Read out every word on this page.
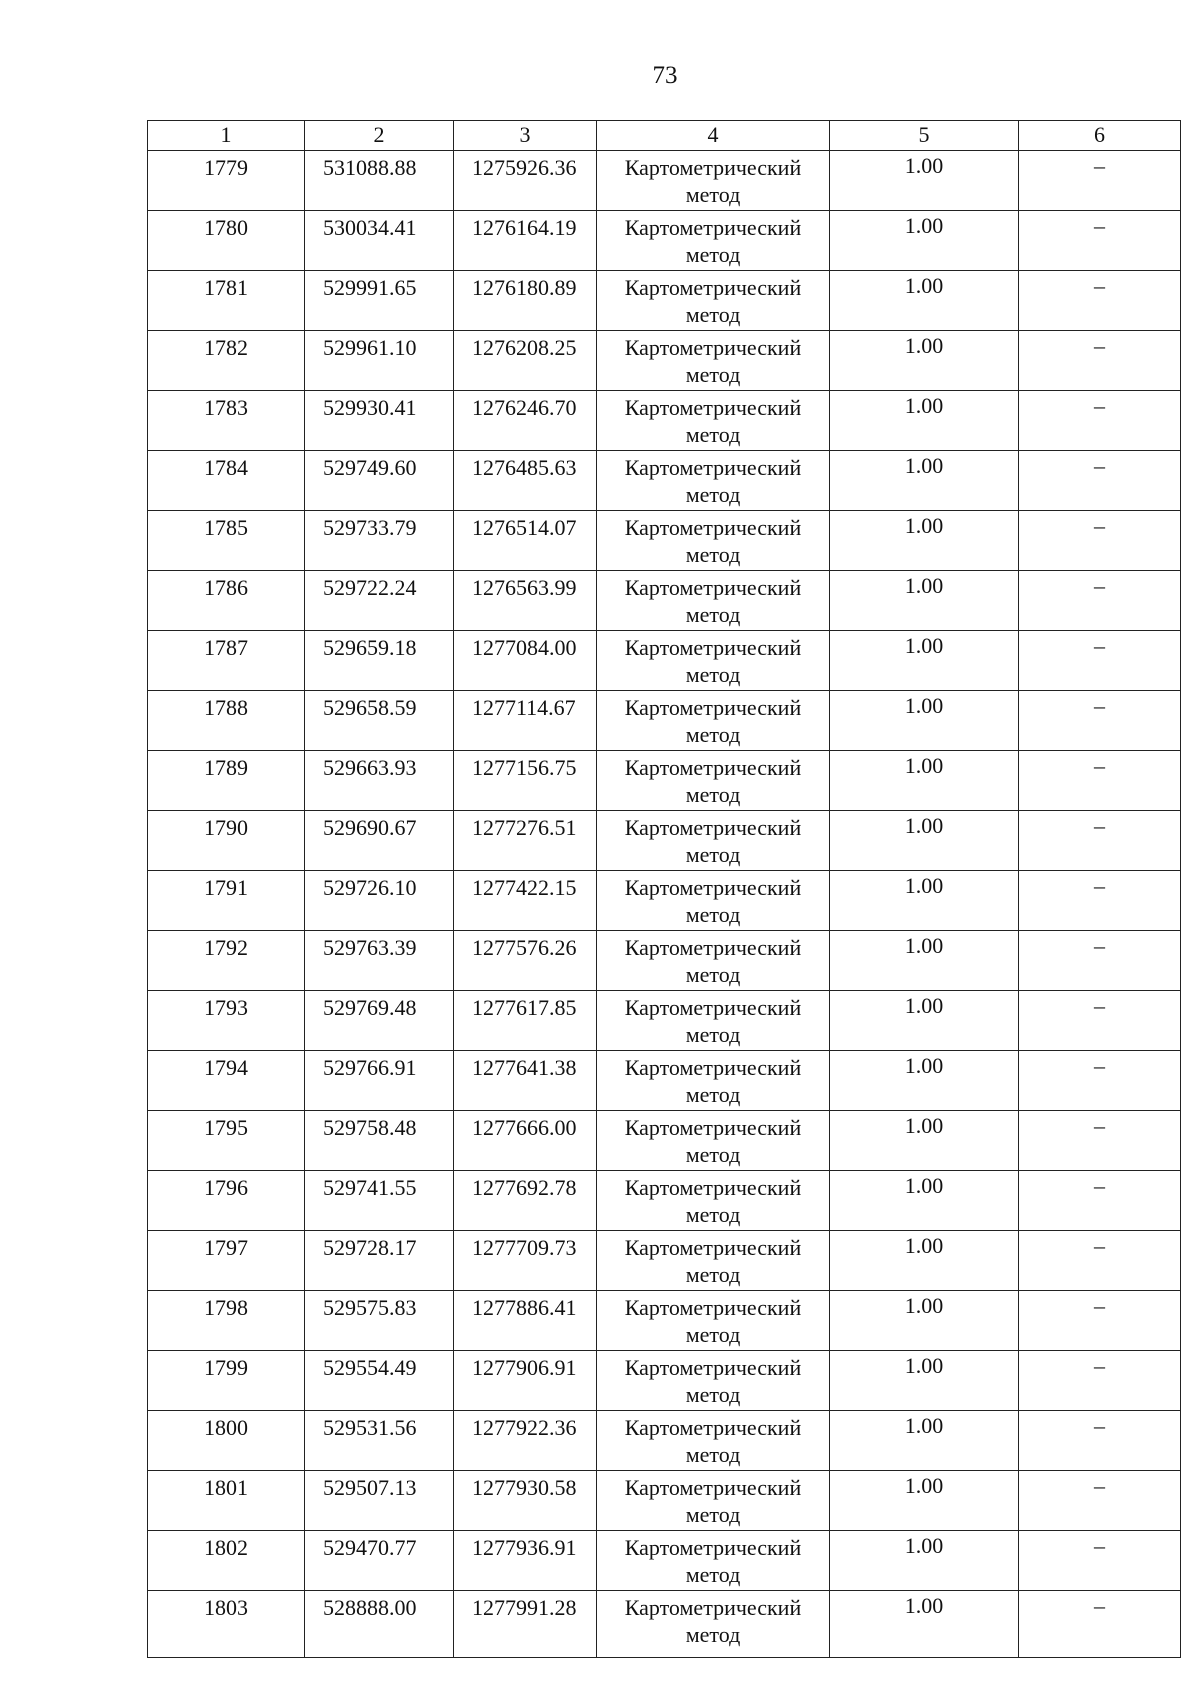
73
1	2	3	4	5	6
1779	531088.88	1275926.36	Картометрический метод	1.00	–
1780	530034.41	1276164.19	Картометрический метод	1.00	–
1781	529991.65	1276180.89	Картометрический метод	1.00	–
1782	529961.10	1276208.25	Картометрический метод	1.00	–
1783	529930.41	1276246.70	Картометрический метод	1.00	–
1784	529749.60	1276485.63	Картометрический метод	1.00	–
1785	529733.79	1276514.07	Картометрический метод	1.00	–
1786	529722.24	1276563.99	Картометрический метод	1.00	–
1787	529659.18	1277084.00	Картометрический метод	1.00	–
1788	529658.59	1277114.67	Картометрический метод	1.00	–
1789	529663.93	1277156.75	Картометрический метод	1.00	–
1790	529690.67	1277276.51	Картометрический метод	1.00	–
1791	529726.10	1277422.15	Картометрический метод	1.00	–
1792	529763.39	1277576.26	Картометрический метод	1.00	–
1793	529769.48	1277617.85	Картометрический метод	1.00	–
1794	529766.91	1277641.38	Картометрический метод	1.00	–
1795	529758.48	1277666.00	Картометрический метод	1.00	–
1796	529741.55	1277692.78	Картометрический метод	1.00	–
1797	529728.17	1277709.73	Картометрический метод	1.00	–
1798	529575.83	1277886.41	Картометрический метод	1.00	–
1799	529554.49	1277906.91	Картометрический метод	1.00	–
1800	529531.56	1277922.36	Картометрический метод	1.00	–
1801	529507.13	1277930.58	Картометрический метод	1.00	–
1802	529470.77	1277936.91	Картометрический метод	1.00	–
1803	528888.00	1277991.28	Картометрический метод	1.00	–
